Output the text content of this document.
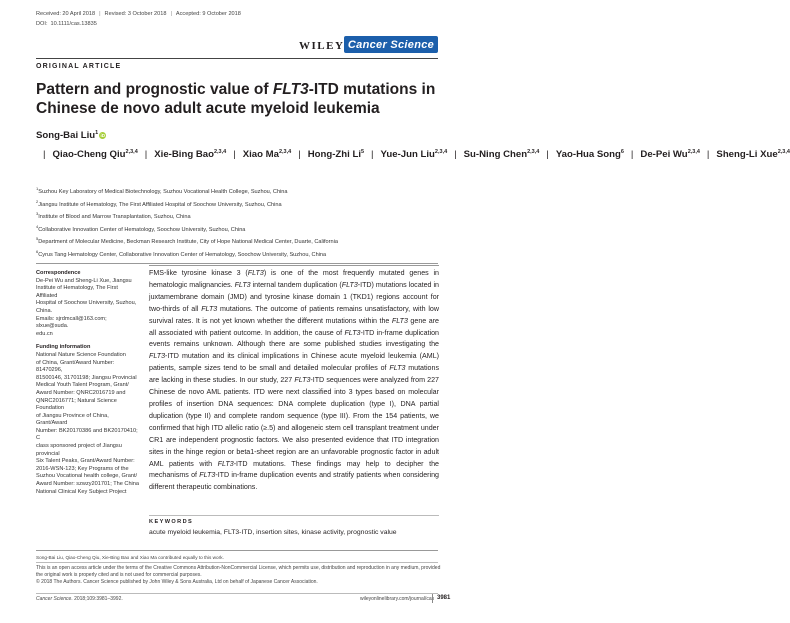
Received: 20 April 2018 | Revised: 3 October 2018 | Accepted: 9 October 2018
DOI: 10.1111/cas.13835
WILEY Cancer Science
ORIGINAL ARTICLE
Pattern and prognostic value of FLT3-ITD mutations in Chinese de novo adult acute myeloid leukemia
Song-Bai Liu$^1$ iD| Qiao-Cheng Qiu$^{2,3,4}$ | Xie-Bing Bao$^{2,3,4}$ | Xiao Ma$^{2,3,4}$ | Hong-Zhi Li$^5$ | Yue-Jun Liu$^{2,3,4}$ | Su-Ning Chen$^{2,3,4}$ | Yao-Hua Song$^6$ | De-Pei Wu$^{2,3,4}$ | Sheng-Li Xue$^{2,3,4}$
$^1$Suzhou Key Laboratory of Medical Biotechnology, Suzhou Vocational Health College, Suzhou, China
$^2$Jiangsu Institute of Hematology, The First Affiliated Hospital of Soochow University, Suzhou, China
$^3$Institute of Blood and Marrow Transplantation, Suzhou, China
$^4$Collaborative Innovation Center of Hematology, Soochow University, Suzhou, China
$^5$Department of Molecular Medicine, Beckman Research Institute, City of Hope National Medical Center, Duarte, California
$^6$Cyrus Tang Hematology Center, Collaborative Innovation Center of Hematology, Soochow University, Suzhou, China
Correspondence
De-Pei Wu and Sheng-Li Xue, Jiangsu
Institute of Hematology, The First Affiliated
Hospital of Soochow University, Suzhou,
China.
Emails: sjrdmcall@163.com; slxue@suda.
edu.cn
Funding information
National Nature Science Foundation
of China, Grant/Award Number: 81470296,
81500146, 31701198; Jiangsu Provincial
Medical Youth Talent Program, Grant/
Award Number: QNRC2016719 and
QNRC2016771; Natural Science Foundation
of Jiangsu Province of China, Grant/Award
Number: BK20170386 and BK20170410; C
class sponsored project of Jiangsu provincial
Six Talent Peaks, Grant/Award Number:
2016-WSN-123; Key Programs of the
Suzhou Vocational health college, Grant/
Award Number: szwzy201701; The China
National Clinical Key Subject Project

FMS-like tyrosine kinase 3 (FLT3) is one of the most frequently mutated genes in hematologic malignancies. FLT3 internal tandem duplication (FLT3-ITD) mutations located in juxtamembrane domain (JMD) and tyrosine kinase domain 1 (TKD1) regions account for two-thirds of all FLT3 mutations. The outcome of patients remains unsatisfactory, with low survival rates. It is not yet known whether the different mutations within the FLT3 gene are all associated with patient outcome. In addition, the cause of FLT3-ITD in-frame duplication events remains unknown. Although there are some published studies investigating the FLT3-ITD mutation and its clinical implications in Chinese acute myeloid leukemia (AML) patients, sample sizes tend to be small and detailed molecular profiles of FLT3 mutations are lacking in these studies. In our study, 227 FLT3-ITD sequences were analyzed from 227 Chinese de novo AML patients. ITD were next classified into 3 types based on molecular profiles of insertion DNA sequences: DNA complete duplication (type I), DNA partial duplication (type II) and complete random sequence (type III). From the 154 patients, we confirmed that high ITD allelic ratio (≥.5) and allogeneic stem cell transplant treatment under CR1 are independent prognostic factors. We also presented evidence that ITD integration sites in the hinge region or beta1-sheet region are an unfavorable prognostic factor in adult AML patients with FLT3-ITD mutations. These findings may help to decipher the mechanisms of FLT3-ITD in-frame duplication events and stratify patients when considering different therapeutic combinations.

KEYWORDS
acute myeloid leukemia, FLT3-ITD, insertion sites, kinase activity, prognostic value
Song-Bai Liu, Qiao-Cheng Qiu, Xie-Bing Bao and Xiao Ma contributed equally to this work.
This is an open access article under the terms of the Creative Commons Attribution-NonCommercial License, which permits use, distribution and reproduction in any medium, provided the original work is properly cited and is not used for commercial purposes.
© 2018 The Authors. Cancer Science published by John Wiley & Sons Australia, Ltd on behalf of Japanese Cancer Association.
Cancer Science. 2018;109:3981–3992.	wileyonlinelibrary.com/journal/cas 3981
